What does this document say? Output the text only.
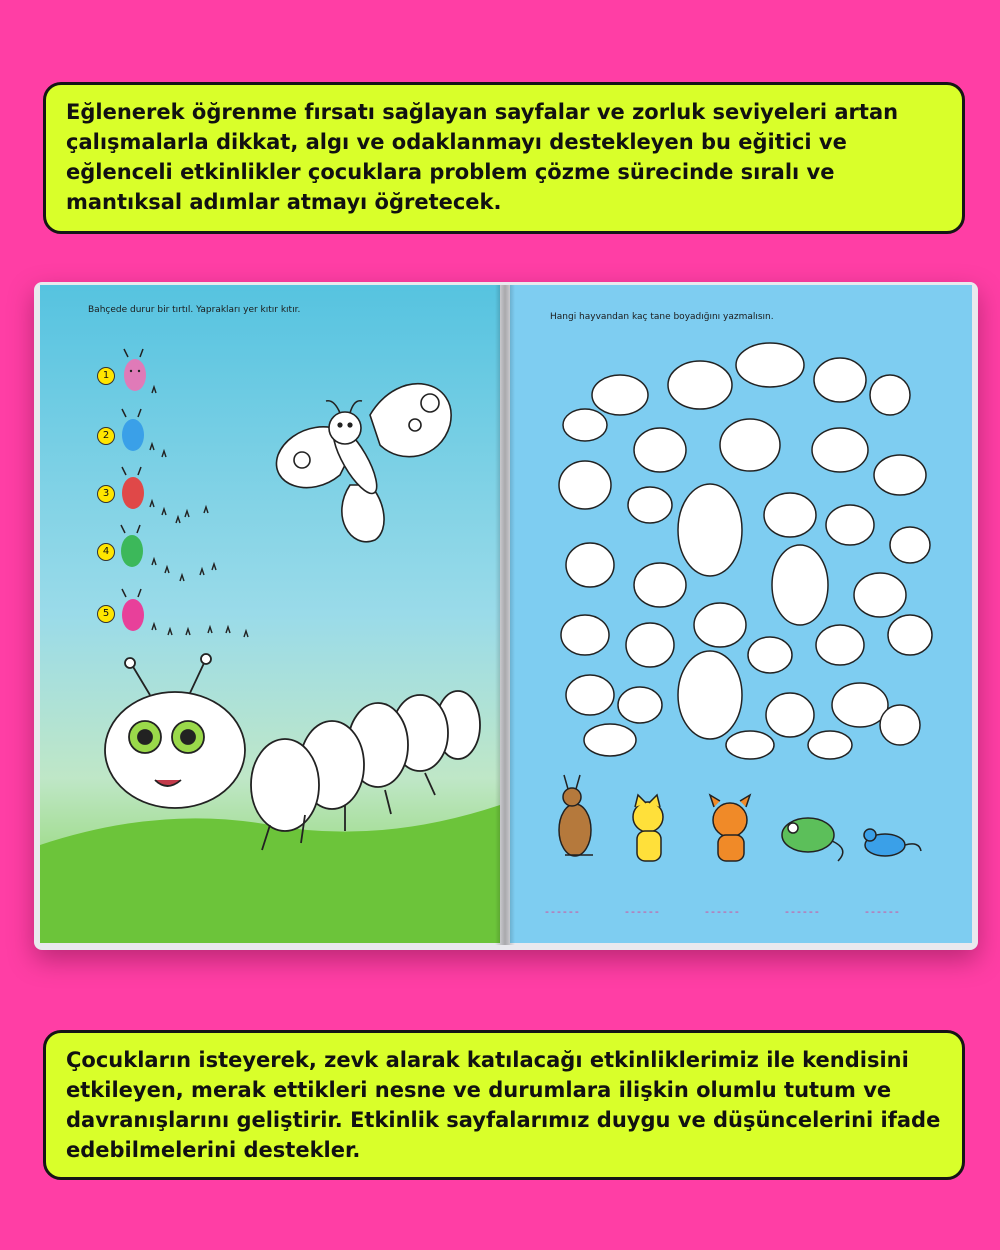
Eğlenerek öğrenme fırsatı sağlayan sayfalar ve zorluk seviyeleri artan çalışmalarla dikkat, algı ve odaklanmayı destekleyen bu eğitici ve eğlenceli etkinlikler çocuklara problem çözme sürecinde sıralı ve mantıksal adımlar atmayı öğretecek.
Bahçede durur bir tırtıl. Yaprakları yer kıtır kıtır.
1
2
3
4
5
Hangi hayvandan kaç tane boyadığını yazmalısın.
------	------	------	------	------
Çocukların isteyerek, zevk alarak katılacağı etkinliklerimiz ile kendisini etkileyen, merak ettikleri nesne ve durumlara ilişkin olumlu tutum ve davranışlarını geliştirir. Etkinlik sayfalarımız duygu ve düşüncelerini ifade edebilmelerini destekler.
